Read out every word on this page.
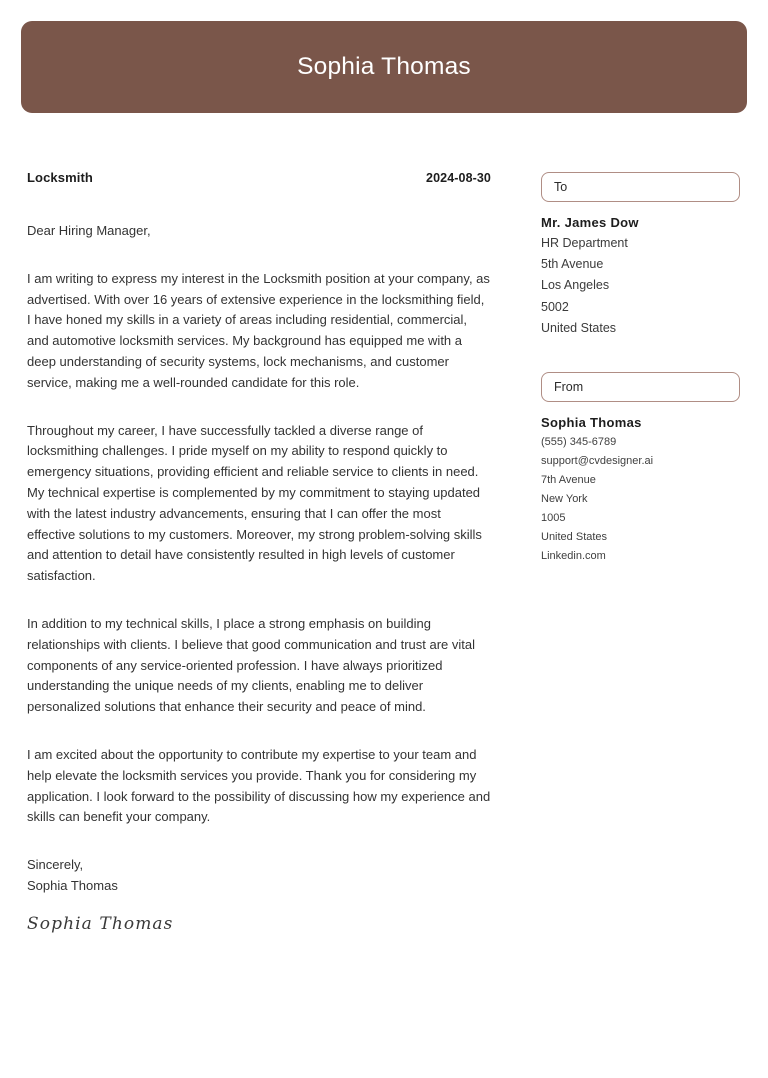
Sophia Thomas
Locksmith	2024-08-30

Dear Hiring Manager,

I am writing to express my interest in the Locksmith position at your company, as advertised. With over 16 years of extensive experience in the locksmithing field, I have honed my skills in a variety of areas including residential, commercial, and automotive locksmith services. My background has equipped me with a deep understanding of security systems, lock mechanisms, and customer service, making me a well-rounded candidate for this role.

Throughout my career, I have successfully tackled a diverse range of locksmithing challenges. I pride myself on my ability to respond quickly to emergency situations, providing efficient and reliable service to clients in need. My technical expertise is complemented by my commitment to staying updated with the latest industry advancements, ensuring that I can offer the most effective solutions to my customers. Moreover, my strong problem-solving skills and attention to detail have consistently resulted in high levels of customer satisfaction.

In addition to my technical skills, I place a strong emphasis on building relationships with clients. I believe that good communication and trust are vital components of any service-oriented profession. I have always prioritized understanding the unique needs of my clients, enabling me to deliver personalized solutions that enhance their security and peace of mind.

I am excited about the opportunity to contribute my expertise to your team and help elevate the locksmith services you provide. Thank you for considering my application. I look forward to the possibility of discussing how my experience and skills can benefit your company.

Sincerely,
Sophia Thomas
Sophia Thomas
To
Mr. James Dow
HR Department
5th Avenue
Los Angeles
5002
United States
From
Sophia Thomas
(555) 345-6789
support@cvdesigner.ai
7th Avenue
New York
1005
United States
Linkedin.com
